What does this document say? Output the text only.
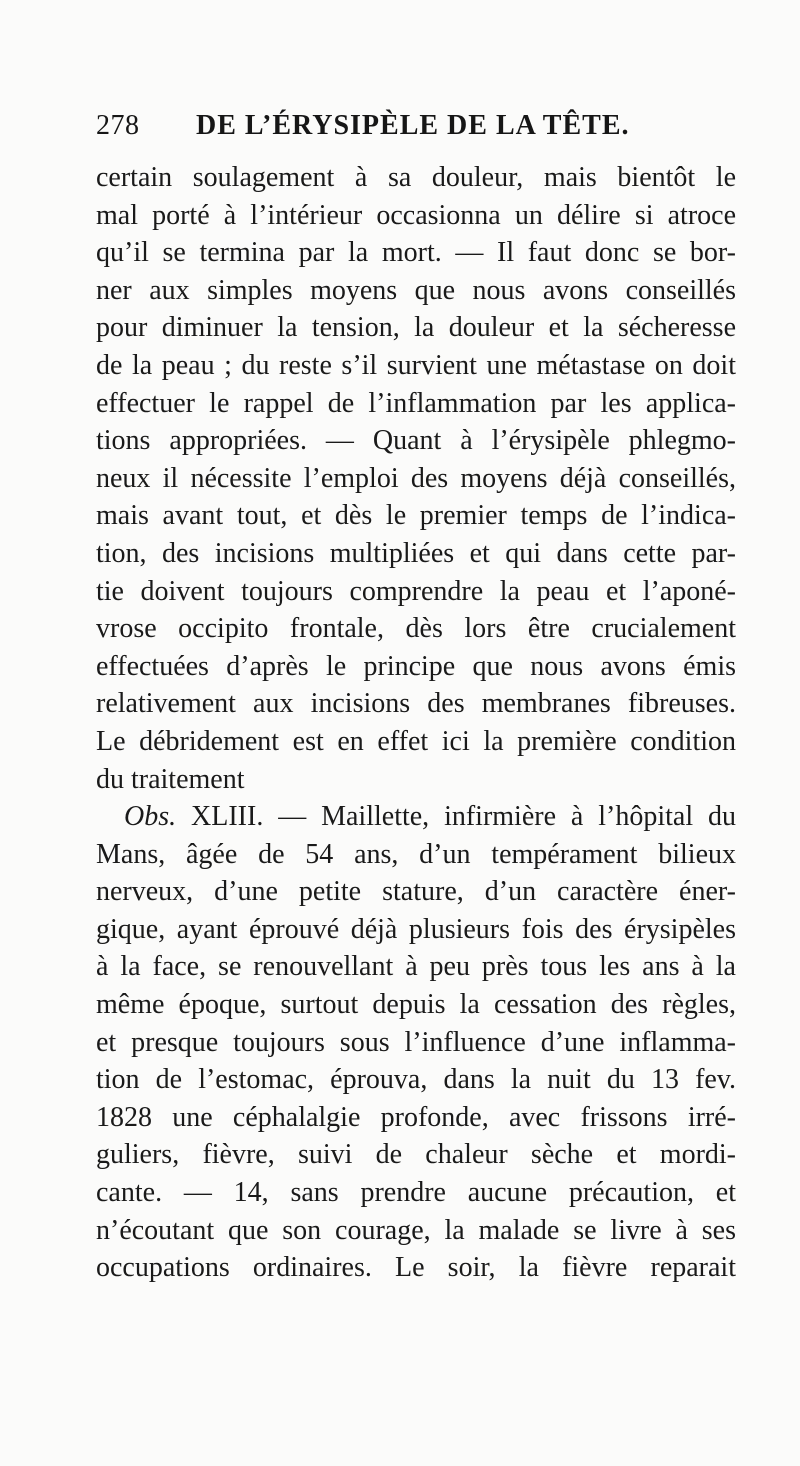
278 DE L’ÉRYSIPÈLE DE LA TÊTE.
certain soulagement à sa douleur, mais bientôt le
mal porté à l’intérieur occasionna un délire si atroce
qu’il se termina par la mort. — Il faut donc se bor-
ner aux simples moyens que nous avons conseillés
pour diminuer la tension, la douleur et la sécheresse
de la peau ; du reste s’il survient une métastase on doit
effectuer le rappel de l’inflammation par les applica-
tions appropriées. — Quant à l’érysipèle phlegmo-
neux il nécessite l’emploi des moyens déjà conseillés,
mais avant tout, et dès le premier temps de l’indica-
tion, des incisions multipliées et qui dans cette par-
tie doivent toujours comprendre la peau et l’aponé-
vrose occipito frontale, dès lors être crucialement
effectuées d’après le principe que nous avons émis
relativement aux incisions des membranes fibreuses.
Le débridement est en effet ici la première condition
du traitement
Obs. XLIII. — Maillette, infirmière à l’hôpital du
Mans, âgée de 54 ans, d’un tempérament bilieux
nerveux, d’une petite stature, d’un caractère éner-
gique, ayant éprouvé déjà plusieurs fois des érysipèles
à la face, se renouvellant à peu près tous les ans à la
même époque, surtout depuis la cessation des règles,
et presque toujours sous l’influence d’une inflamma-
tion de l’estomac, éprouva, dans la nuit du 13 fev.
1828 une céphalalgie profonde, avec frissons irré-
guliers, fièvre, suivi de chaleur sèche et mordi-
cante. — 14, sans prendre aucune précaution, et
n’écoutant que son courage, la malade se livre à ses
occupations ordinaires. Le soir, la fièvre reparait
